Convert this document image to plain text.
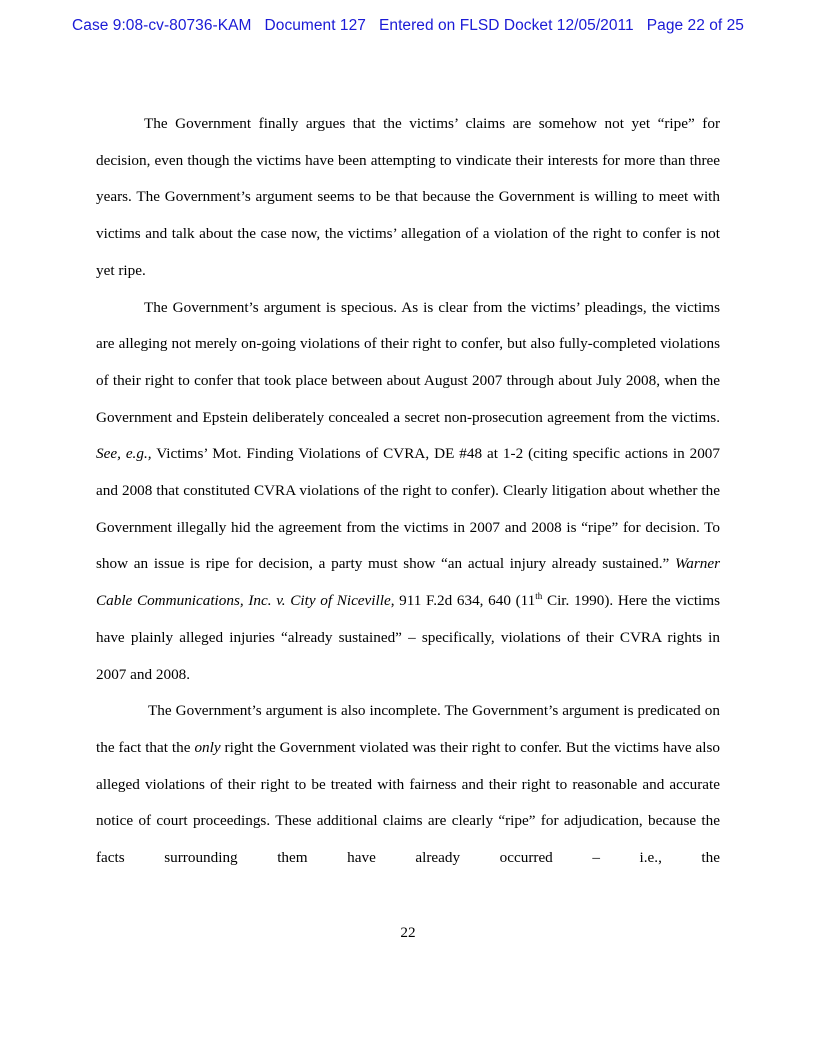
Case 9:08-cv-80736-KAM   Document 127   Entered on FLSD Docket 12/05/2011   Page 22 of 25

The Government finally argues that the victims’ claims are somehow not yet “ripe” for decision, even though the victims have been attempting to vindicate their interests for more than three years. The Government’s argument seems to be that because the Government is willing to meet with victims and talk about the case now, the victims’ allegation of a violation of the right to confer is not yet ripe.

The Government’s argument is specious. As is clear from the victims’ pleadings, the victims are alleging not merely on-going violations of their right to confer, but also fully-completed violations of their right to confer that took place between about August 2007 through about July 2008, when the Government and Epstein deliberately concealed a secret non-prosecution agreement from the victims. See, e.g., Victims’ Mot. Finding Violations of CVRA, DE #48 at 1-2 (citing specific actions in 2007 and 2008 that constituted CVRA violations of the right to confer). Clearly litigation about whether the Government illegally hid the agreement from the victims in 2007 and 2008 is “ripe” for decision. To show an issue is ripe for decision, a party must show “an actual injury already sustained.” Warner Cable Communications, Inc. v. City of Niceville, 911 F.2d 634, 640 (11th Cir. 1990). Here the victims have plainly alleged injuries “already sustained” – specifically, violations of their CVRA rights in 2007 and 2008.

The Government’s argument is also incomplete. The Government’s argument is predicated on the fact that the only right the Government violated was their right to confer. But the victims have also alleged violations of their right to be treated with fairness and their right to reasonable and accurate notice of court proceedings. These additional claims are clearly “ripe” for adjudication, because the facts surrounding them have already occurred – i.e., the

22
